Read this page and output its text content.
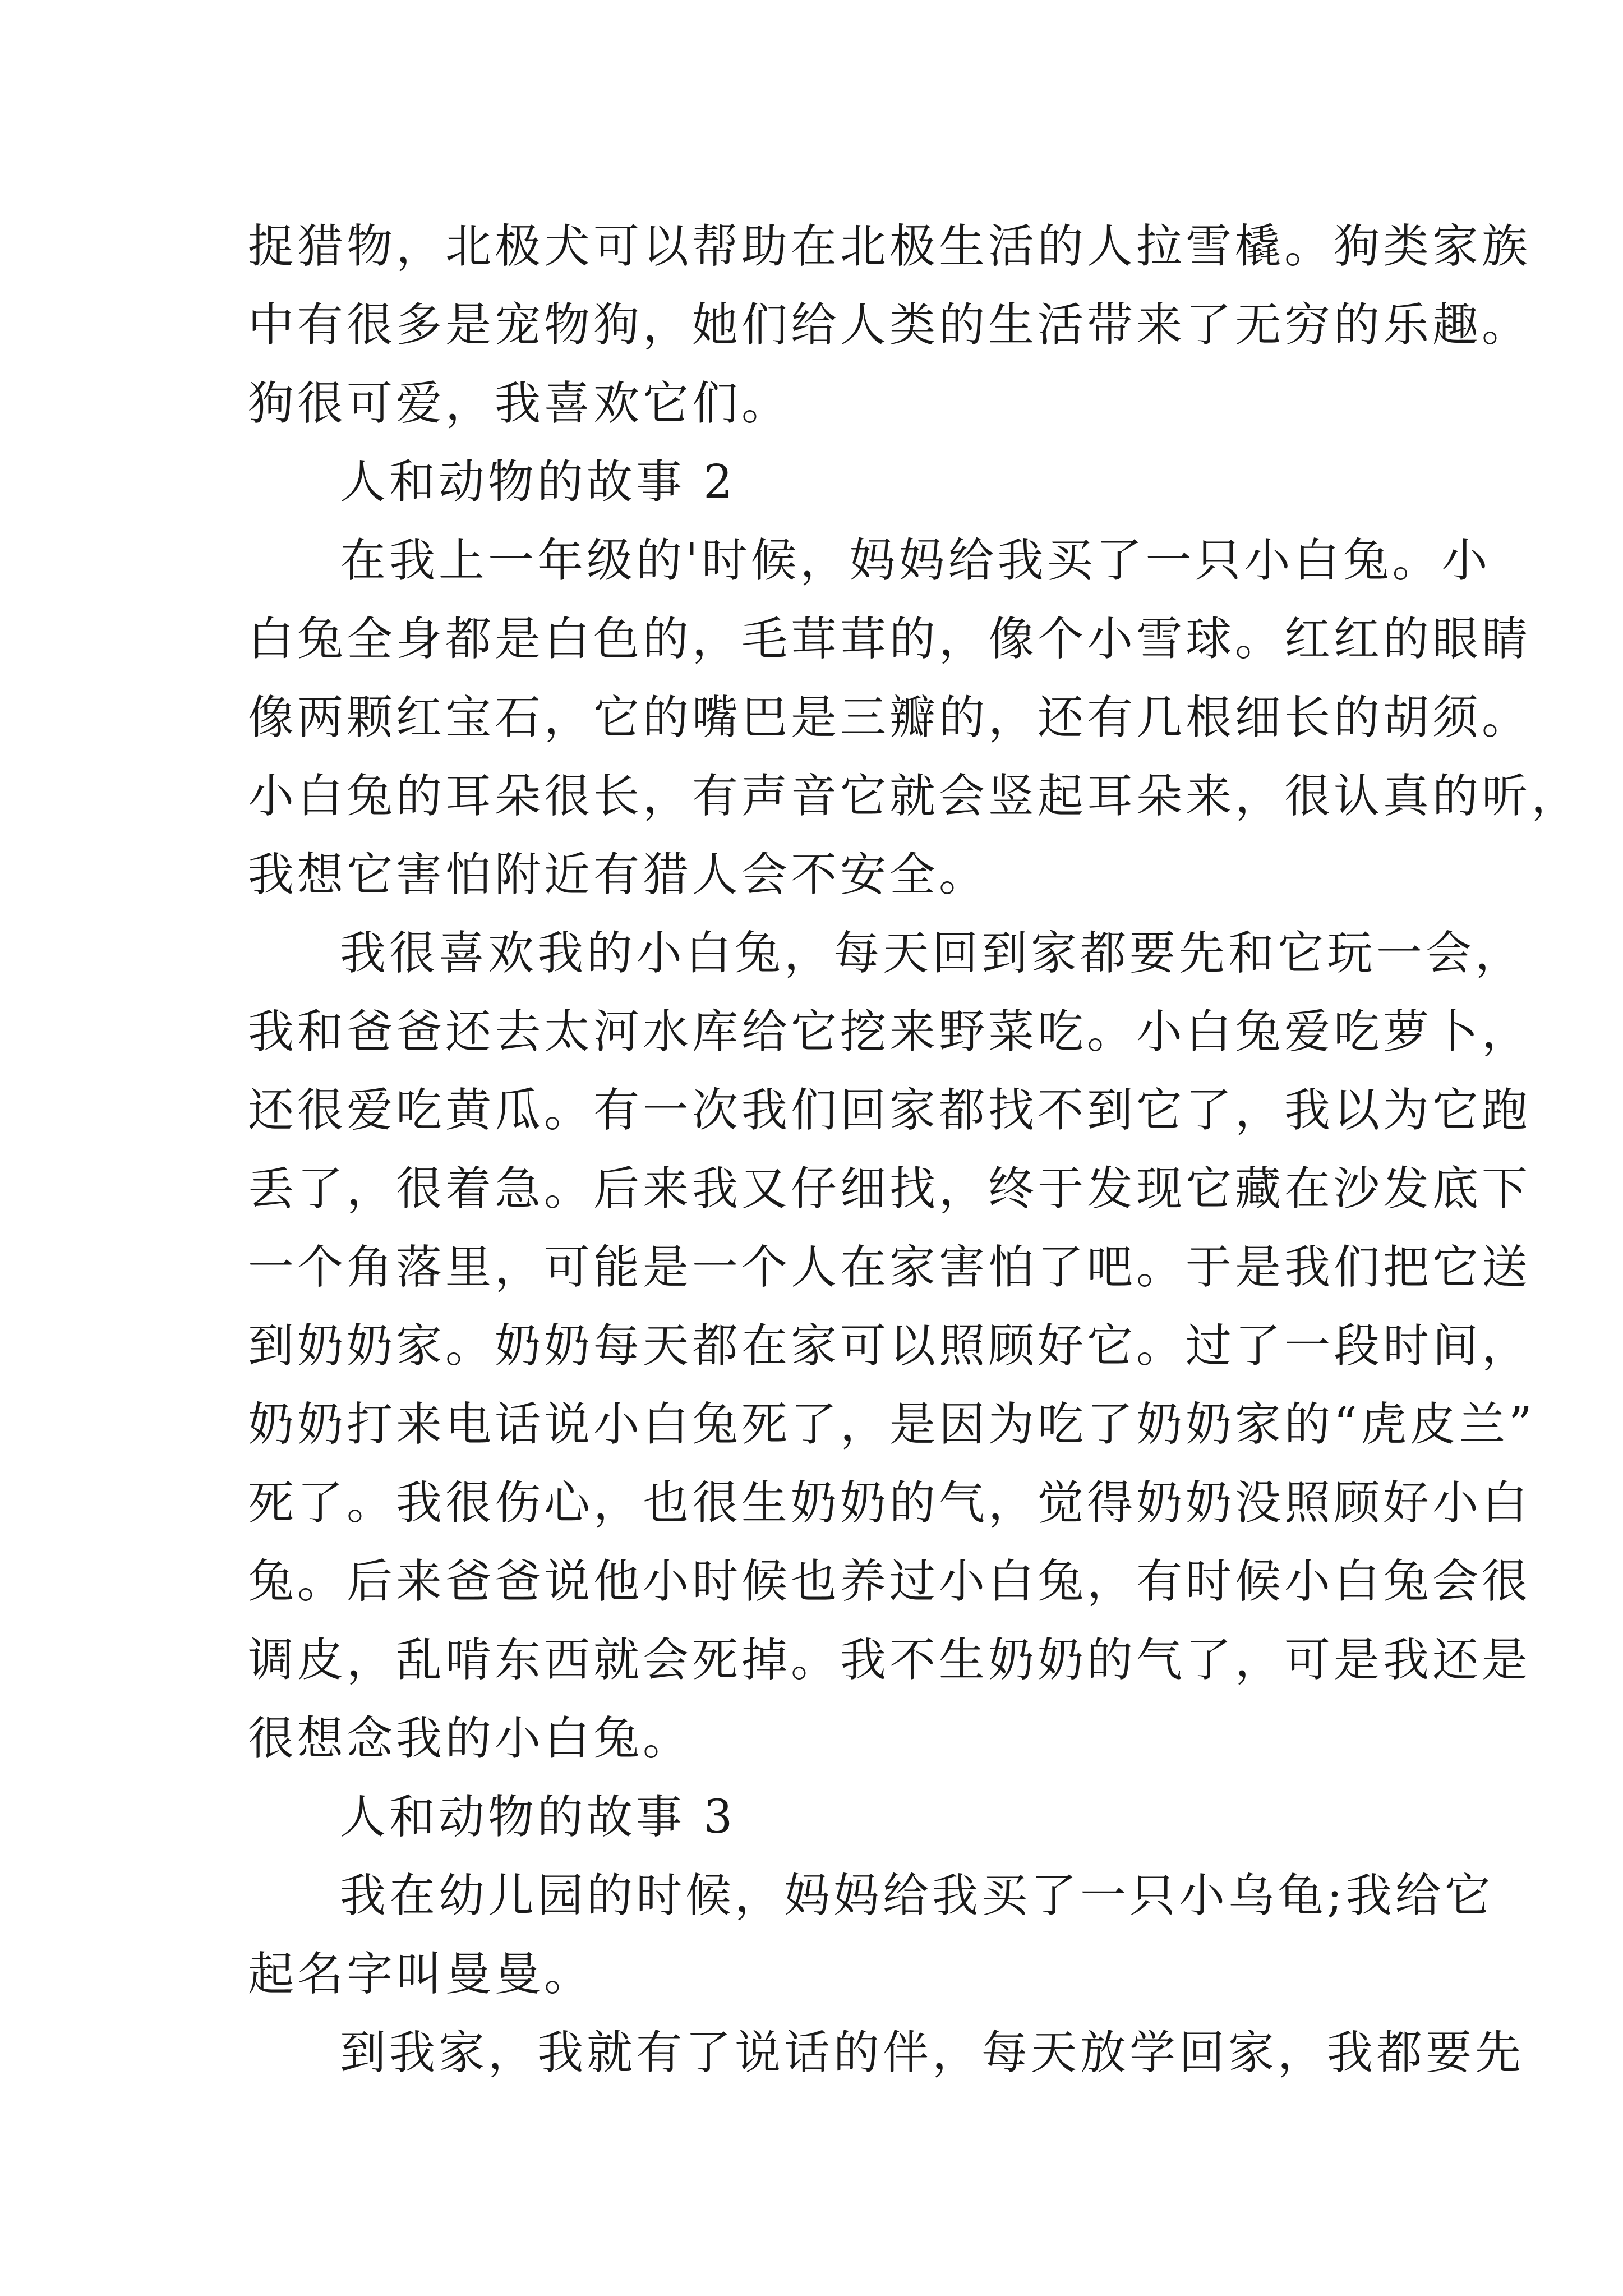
捉猎物，北极犬可以帮助在北极生活的人拉雪橇。狗类家族
中有很多是宠物狗，她们给人类的生活带来了无穷的乐趣。
狗很可爱，我喜欢它们。
人和动物的故事 2
在我上一年级的'时候，妈妈给我买了一只小白兔。小
白兔全身都是白色的，毛茸茸的，像个小雪球。红红的眼睛
像两颗红宝石，它的嘴巴是三瓣的，还有几根细长的胡须。
小白兔的耳朵很长，有声音它就会竖起耳朵来，很认真的听，
我想它害怕附近有猎人会不安全。
我很喜欢我的小白兔，每天回到家都要先和它玩一会，
我和爸爸还去太河水库给它挖来野菜吃。小白兔爱吃萝卜，
还很爱吃黄瓜。有一次我们回家都找不到它了，我以为它跑
丢了，很着急。后来我又仔细找，终于发现它藏在沙发底下
一个角落里，可能是一个人在家害怕了吧。于是我们把它送
到奶奶家。奶奶每天都在家可以照顾好它。过了一段时间，
奶奶打来电话说小白兔死了，是因为吃了奶奶家的“虎皮兰”
死了。我很伤心，也很生奶奶的气，觉得奶奶没照顾好小白
兔。后来爸爸说他小时候也养过小白兔，有时候小白兔会很
调皮，乱啃东西就会死掉。我不生奶奶的气了，可是我还是
很想念我的小白兔。
人和动物的故事 3
我在幼儿园的时候，妈妈给我买了一只小乌龟;我给它
起名字叫曼曼。
到我家，我就有了说话的伴，每天放学回家，我都要先
